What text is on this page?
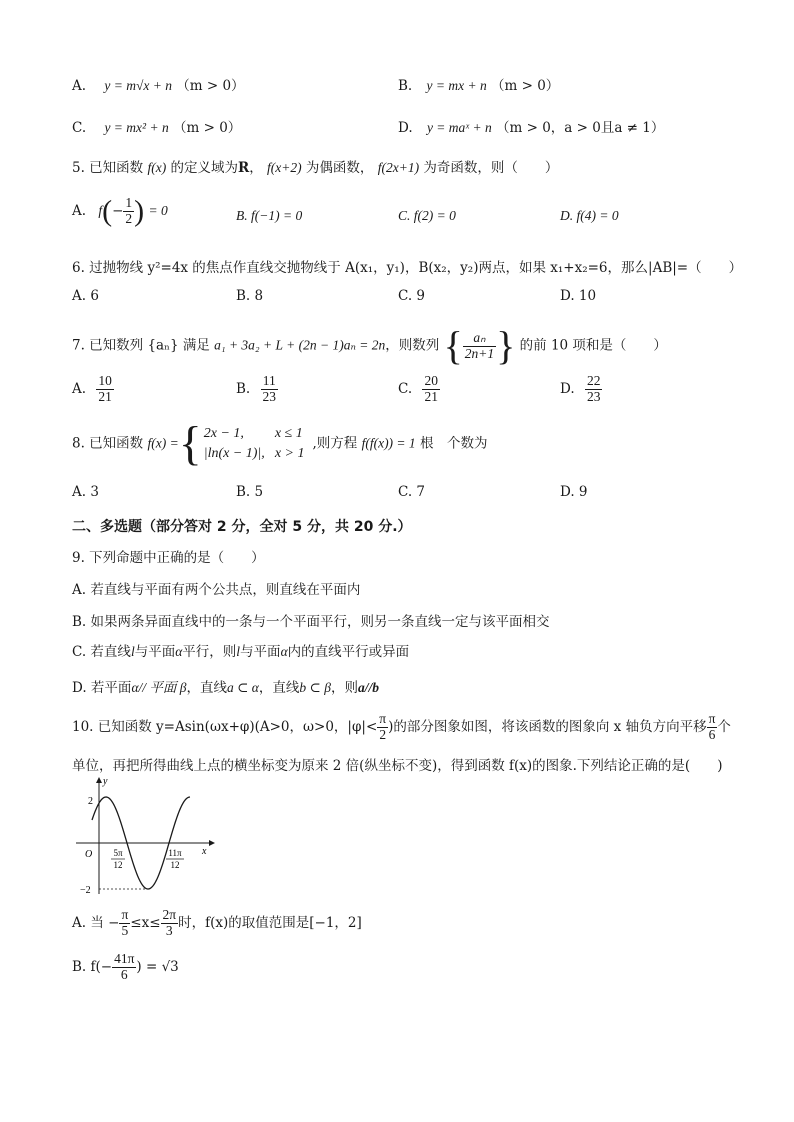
A. y = m√x + n （m > 0）	B. y = mx + n （m > 0）
C. y = mx² + n （m > 0）	D. y = maˣ + n （m > 0，a > 0且a ≠ 1）
5. 已知函数 f(x) 的定义域为R， f(x+2) 为偶函数， f(2x+1) 为奇函数，则（　　）
A. $f(- \frac{1}{2}$ ) = 0	B. f(−1) = 0	C. f(2) = 0	D. f(4) = 0
6. 过抛物线 y²=4x 的焦点作直线交抛物线于 A(x₁，y₁)，B(x₂，y₂)两点，如果 x₁+x₂=6，那么|AB|=（　　）
A. 6	B. 8	C. 9	D. 10
7. 已知数列 {aₙ} 满足 a₁ + 3a₂ + L + (2n − 1)aₙ = 2n，则数列 { $\frac{\text{aₙ}}{2n+1}$ } 的前 10 项和是（　　）
A. $\frac{10}{21}$	B. $\frac{11}{23}$	C. $\frac{20}{21}$	D. $\frac{22}{23}$
8. 已知函数 f(x) ={ 2x − 1,	x ≤ 1
|ln(x − 1)|,	x > 1,则方程 f(f(x)) = 1 根　个数为
A. 3	B. 5	C. 7	D. 9
二、多选题（部分答对 2 分，全对 5 分，共 20 分.）
9. 下列命题中正确的是（　　）
A. 若直线与平面有两个公共点，则直线在平面内
B. 如果两条异面直线中的一条与一个平面平行，则另一条直线一定与该平面相交
C. 若直线l与平面α平行，则l与平面α内的直线平行或异面
D. 若平面α// 平面 β，直线a ⊂ α，直线b ⊂ β，则a//b
10. 已知函数 y=Asin(ωx+φ)(A>0，ω>0，$|\varphi|< \frac{\pi}{2}$ )的部分图象如图，将该函数的图象向 x 轴负方向平移 $\frac{\pi}{6}$ 个
单位，再把所得曲线上点的横坐标变为原来 2 倍(纵坐标不变)，得到函数 f(x)的图象.下列结论正确的是(　　)
y
x
O
2
−2
5π
12
11π
12
A. 当 − $\frac{\pi}{5} \le x\le \frac{2\pi}{3}$ 时，f(x)的取值范围是[−1，2]
B. $f(- \frac{41\pi}{6}$ ) = √3
